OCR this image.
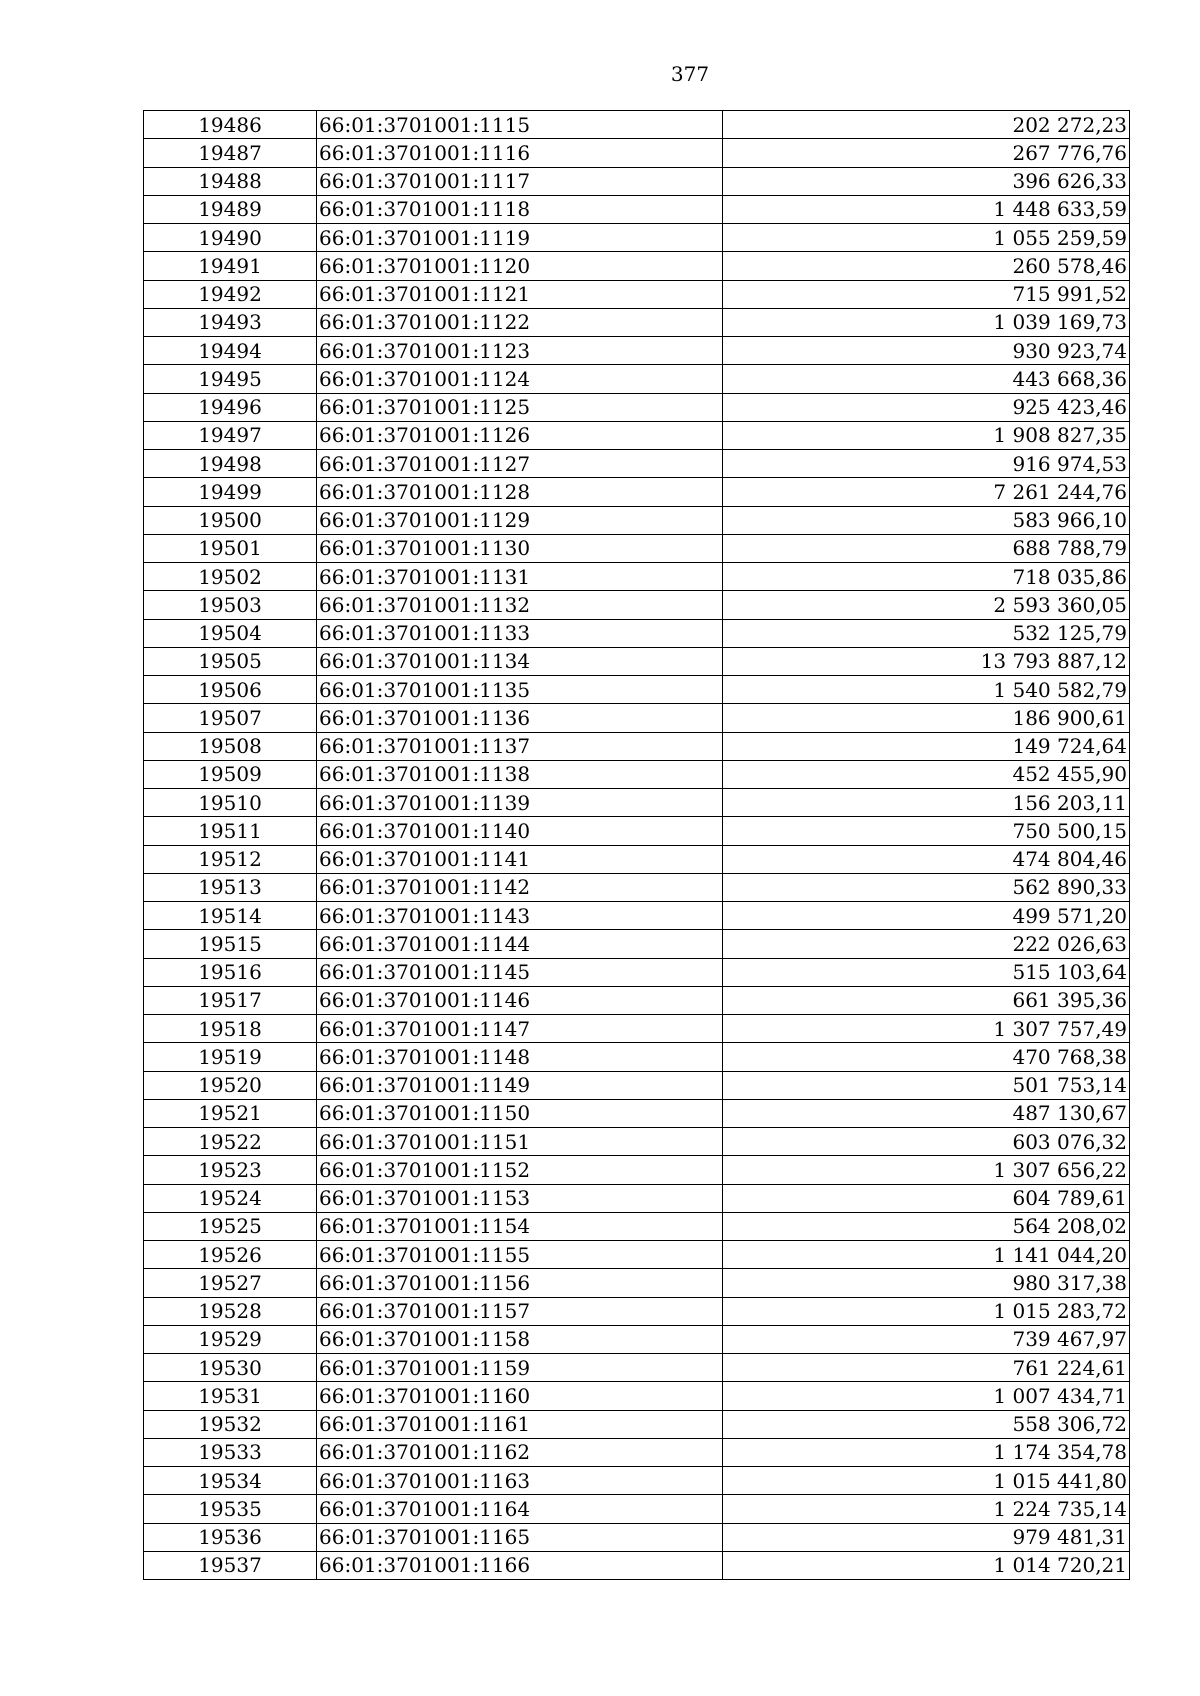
377
19486	66:01:3701001:1115	202 272,23
19487	66:01:3701001:1116	267 776,76
19488	66:01:3701001:1117	396 626,33
19489	66:01:3701001:1118	1 448 633,59
19490	66:01:3701001:1119	1 055 259,59
19491	66:01:3701001:1120	260 578,46
19492	66:01:3701001:1121	715 991,52
19493	66:01:3701001:1122	1 039 169,73
19494	66:01:3701001:1123	930 923,74
19495	66:01:3701001:1124	443 668,36
19496	66:01:3701001:1125	925 423,46
19497	66:01:3701001:1126	1 908 827,35
19498	66:01:3701001:1127	916 974,53
19499	66:01:3701001:1128	7 261 244,76
19500	66:01:3701001:1129	583 966,10
19501	66:01:3701001:1130	688 788,79
19502	66:01:3701001:1131	718 035,86
19503	66:01:3701001:1132	2 593 360,05
19504	66:01:3701001:1133	532 125,79
19505	66:01:3701001:1134	13 793 887,12
19506	66:01:3701001:1135	1 540 582,79
19507	66:01:3701001:1136	186 900,61
19508	66:01:3701001:1137	149 724,64
19509	66:01:3701001:1138	452 455,90
19510	66:01:3701001:1139	156 203,11
19511	66:01:3701001:1140	750 500,15
19512	66:01:3701001:1141	474 804,46
19513	66:01:3701001:1142	562 890,33
19514	66:01:3701001:1143	499 571,20
19515	66:01:3701001:1144	222 026,63
19516	66:01:3701001:1145	515 103,64
19517	66:01:3701001:1146	661 395,36
19518	66:01:3701001:1147	1 307 757,49
19519	66:01:3701001:1148	470 768,38
19520	66:01:3701001:1149	501 753,14
19521	66:01:3701001:1150	487 130,67
19522	66:01:3701001:1151	603 076,32
19523	66:01:3701001:1152	1 307 656,22
19524	66:01:3701001:1153	604 789,61
19525	66:01:3701001:1154	564 208,02
19526	66:01:3701001:1155	1 141 044,20
19527	66:01:3701001:1156	980 317,38
19528	66:01:3701001:1157	1 015 283,72
19529	66:01:3701001:1158	739 467,97
19530	66:01:3701001:1159	761 224,61
19531	66:01:3701001:1160	1 007 434,71
19532	66:01:3701001:1161	558 306,72
19533	66:01:3701001:1162	1 174 354,78
19534	66:01:3701001:1163	1 015 441,80
19535	66:01:3701001:1164	1 224 735,14
19536	66:01:3701001:1165	979 481,31
19537	66:01:3701001:1166	1 014 720,21
